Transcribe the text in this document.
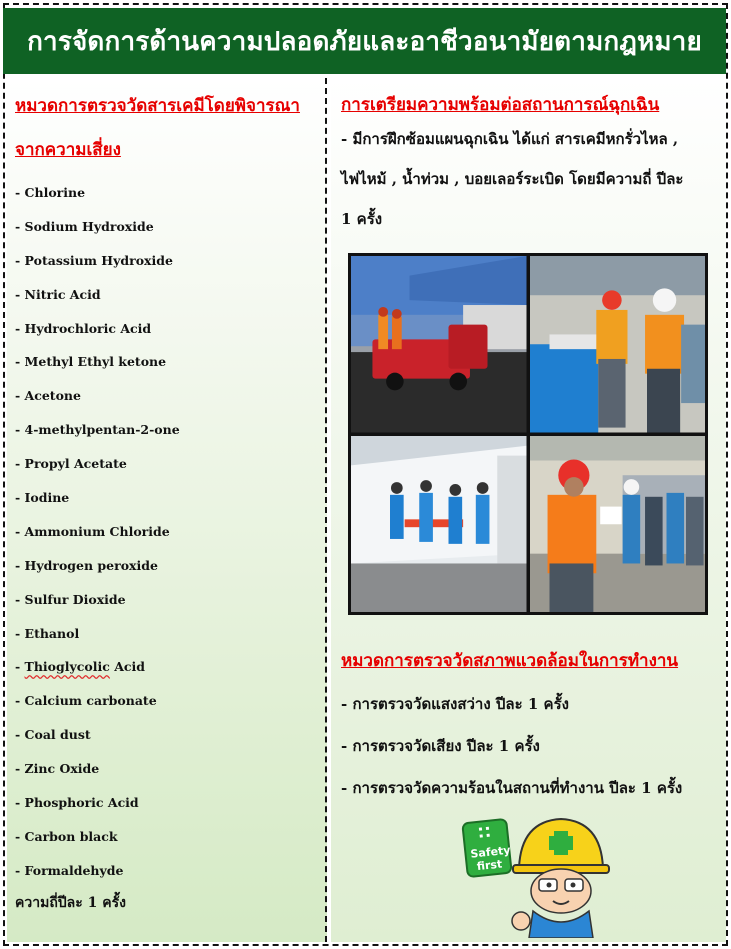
การจัดการด้านความปลอดภัยและอาชีวอนามัยตามกฎหมาย
หมวดการตรวจวัดสารเคมีโดยพิจารณา
จากความเสี่ยง
- Chlorine
- Sodium Hydroxide
- Potassium Hydroxide
- Nitric Acid
- Hydrochloric Acid
- Methyl Ethyl ketone
- Acetone
- 4-methylpentan-2-one
- Propyl Acetate
- Iodine
- Ammonium Chloride
- Hydrogen peroxide
- Sulfur Dioxide
- Ethanol
- Thioglycolic Acid
- Calcium carbonate
- Coal dust
- Zinc Oxide
- Phosphoric Acid
- Carbon black
- Formaldehyde
ความถี่ปีละ 1 ครั้ง
การเตรียมความพร้อมต่อสถานการณ์ฉุกเฉิน
- มีการฝึกซ้อมแผนฉุกเฉิน ได้แก่ สารเคมีหกรั่วไหล ,
ไฟไหม้ , น้ำท่วม , บอยเลอร์ระเบิด โดยมีความถี่ ปีละ
1 ครั้ง
หมวดการตรวจวัดสภาพแวดล้อมในการทำงาน
- การตรวจวัดแสงสว่าง ปีละ 1 ครั้ง
- การตรวจวัดเสียง ปีละ 1 ครั้ง
- การตรวจวัดความร้อนในสถานที่ทำงาน ปีละ 1 ครั้ง
Safety
first
